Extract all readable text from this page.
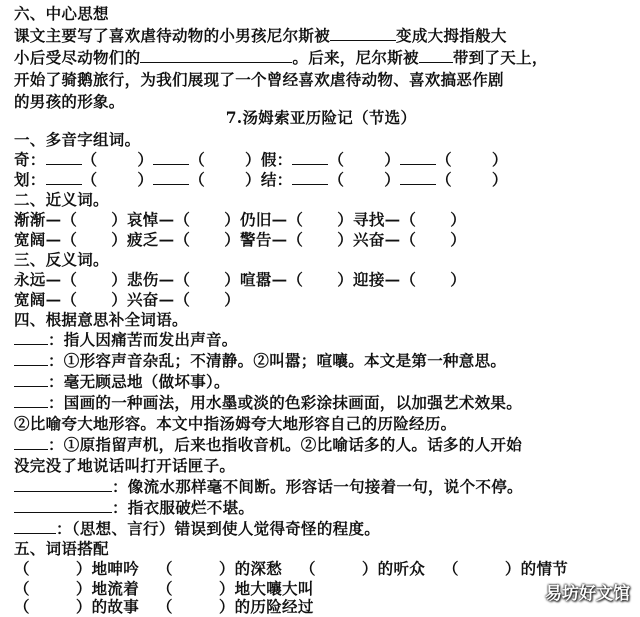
六、中心思想
课文主要写了喜欢虐待动物的小男孩尼尔斯被	变成大拇指般大
小后受尽动物们的	。后来，尼尔斯被 带到了天上，
开始了骑鹅旅行，为我们展现了一个曾经喜欢虐待动物、喜欢搞恶作剧
的男孩的形象。
7.汤姆索亚历险记（节选）
一、多音字组词。
奇： （	） （	）假： （	） （	）
划： （	） （	）结： （	） （	）
二、近义词。
渐渐—（ ）哀悼—（ ）仍旧—（ ）寻找—（ ）
宽阔—（ ）疲乏—（ ）警告—（ ）兴奋—（ ）
三、反义词。
永远—（ ）悲伤—（ ）喧嚣—（ ）迎接—（ ）
宽阔—（ ）兴奋—（ ）
四、根据意思补全词语。
：指人因痛苦而发出声音。
：①形容声音杂乱；不清静。②叫嚣；喧嚷。本文是第一种意思。
：毫无顾忌地（做坏事）。
：国画的一种画法，用水墨或淡的色彩涂抹画面，以加强艺术效果。
②比喻夸大地形容。本文中指汤姆夸大地形容自己的历险经历。
：①原指留声机，后来也指收音机。②比喻话多的人。话多的人开始
没完没了地说话叫打开话匣子。
：像流水那样毫不间断。形容话一句接着一句，说个不停。
：指衣服破烂不堪。
：（思想、言行）错误到使人觉得奇怪的程度。
五、词语搭配
（	）地呻吟 （	）的深愁 （	）的听众 （	）的情节
（	）地流着 （	）地大嚷大叫
（	）的故事 （	）的历险经过
易坊好文馆
